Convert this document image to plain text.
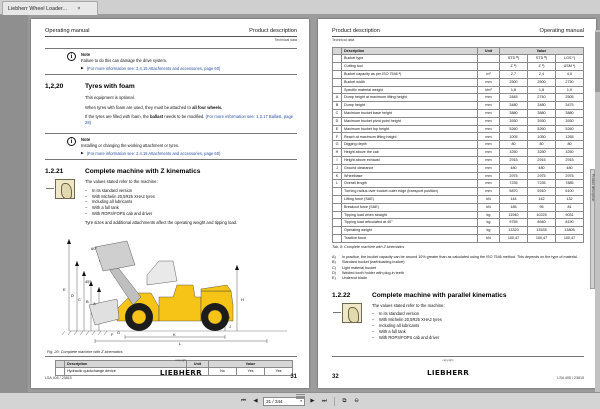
Liebherr Wheel Loader... ×
Operating manual	Product description
Technical data
i	Note
Failure to do this can damage the drive system.
▶ (For more information see: 2,4,15 Attachments and accessories, page 60)
1,2,20	Tyres with foam
This equipment is optional.
When tyres with foam are used, they must be attached to all four wheels.
If the tyres are filled with foam, the ballast needs to be modified. (For more information see: 1.2.17 Ballast, page 28)
i	Note
Installing or changing the working attachment or tyres.
▶ (For more information see: 2.4.15 Attachments and accessories, page 60)
1.2.21	Complete machine with Z kinematics
The values stated refer to the machine:
–	In its standard version
–	With Michelin 20,5R25 XHA2 tyres
–	Including all lubricants
–	With a full tank
–	With ROPS/FOPS cab and driver
Tyre sizes and additional attachments affect the operating weight and tipping load.
E
D
C B A
60°
45°
K
L
H
I
J
F G
Fig. 20: Complete machine with Z kinematics
	Description	Unit	Value		
	Hydraulic quickchange device		No	Yes	Yes
LSA 405 / 23815
copyright
LIEBHERR	31
Product description	Operating manual
Technical data
	Description	Unit	Value		
	Bucket type		STD ᴮ)	STD ᴮ)	LGS ᶜ)
	Cutting tool		Z ᵈ)	Z ᵈ)	USM ᵉ)
	Bucket capacity as per ISO 7546 ᵃ)	m³	2,7	2,4	4,0
	Bucket width	mm	2500	2500	2750
	Specific material weight	t/m³	1,8	1,8	1,0
A	Dump height at maximum lifting height	mm	2845	2740	2505
B	Dump height	mm	3480	3480	3475
C	Maximum bucket base height	mm	3880	3880	3880
D	Maximum bucket pivot point height	mm	3930	3930	3930
E	Maximum bucket top height	mm	5260	5260	5260
F	Reach at maximum lifting height	mm	1005	1050	1265
G	Digging depth	mm	80	80	80
H	Height above the cab	mm	3250	3250	3250
I	Height above exhaust	mm	2915	2915	2915
J	Ground clearance	mm	480	480	480
K	Wheelbase	mm	2975	2975	2975
L	Overall length	mm	7235	7235	7885
	Turning radius over bucket outer edge (transport position)	mm	5870	5910	6100
	Lifting force (SAE)	kN	144	142	132
	Breakout force (SAE)	kN	185	95	81
	Tipping load when straight	kg	11940	10225	9031
	Tipping load articulated at 40°	kg	9755	8940	8190
	Operating weight	kg	13320	13535	13805
	Tractive force	kN	100,47	100,47	100,47
Tab. 8: Complete machine with Z kinematics
A)	In practice, the bucket capacity can be around 10% greater than as calculated using the ISO 7546 method. This depends on the type of material.
B)	Standard bucket (earthloading bucket)
C)	Light material bucket
D)	Welded tooth holder with plug-in teeth
E)	Undercut blade
1.2.22	Complete machine with parallel kinematics
The values stated refer to the machine:
–	In its standard version
–	With Michelin 20,5R25 XHA2 tyres
–	Including all lubricants
–	With a full tank
–	With ROPS/FOPS cab and driver
Product description
32
copyright
LIEBHERR
LSA 405 / 23815
⏮	◀	31 / 344	▾	▶	⏭	⧉	⊖
